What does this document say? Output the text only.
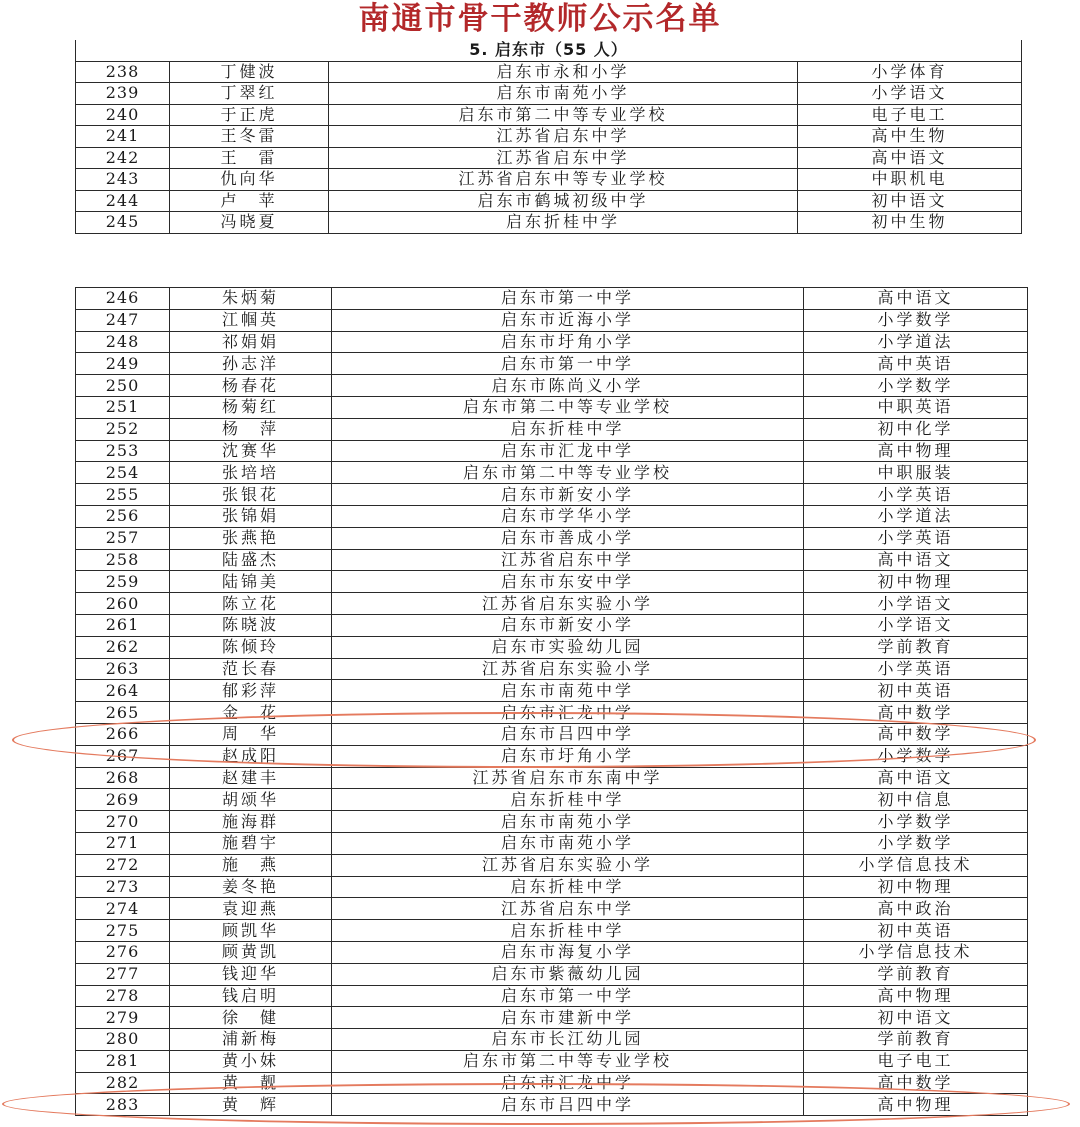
南通市骨干教师公示名单
5. 启东市（55 人）			
238	丁健波	启东市永和小学	小学体育
239	丁翠红	启东市南苑小学	小学语文
240	于正虎	启东市第二中等专业学校	电子电工
241	王冬雷	江苏省启东中学	高中生物
242	王　雷	江苏省启东中学	高中语文
243	仇向华	江苏省启东中等专业学校	中职机电
244	卢　苹	启东市鹤城初级中学	初中语文
245	冯晓夏	启东折桂中学	初中生物
246	朱炳菊	启东市第一中学	高中语文
247	江帼英	启东市近海小学	小学数学
248	祁娟娟	启东市圩角小学	小学道法
249	孙志洋	启东市第一中学	高中英语
250	杨春花	启东市陈尚义小学	小学数学
251	杨菊红	启东市第二中等专业学校	中职英语
252	杨　萍	启东折桂中学	初中化学
253	沈赛华	启东市汇龙中学	高中物理
254	张培培	启东市第二中等专业学校	中职服装
255	张银花	启东市新安小学	小学英语
256	张锦娟	启东市学华小学	小学道法
257	张燕艳	启东市善成小学	小学英语
258	陆盛杰	江苏省启东中学	高中语文
259	陆锦美	启东市东安中学	初中物理
260	陈立花	江苏省启东实验小学	小学语文
261	陈晓波	启东市新安小学	小学语文
262	陈倾玲	启东市实验幼儿园	学前教育
263	范长春	江苏省启东实验小学	小学英语
264	郁彩萍	启东市南苑中学	初中英语
265	金　花	启东市汇龙中学	高中数学
266	周　华	启东市吕四中学	高中数学
267	赵成阳	启东市圩角小学	小学数学
268	赵建丰	江苏省启东市东南中学	高中语文
269	胡颂华	启东折桂中学	初中信息
270	施海群	启东市南苑小学	小学数学
271	施碧宇	启东市南苑小学	小学数学
272	施　燕	江苏省启东实验小学	小学信息技术
273	姜冬艳	启东折桂中学	初中物理
274	袁迎燕	江苏省启东中学	高中政治
275	顾凯华	启东折桂中学	初中英语
276	顾黄凯	启东市海复小学	小学信息技术
277	钱迎华	启东市紫薇幼儿园	学前教育
278	钱启明	启东市第一中学	高中物理
279	徐　健	启东市建新中学	初中语文
280	浦新梅	启东市长江幼儿园	学前教育
281	黄小妹	启东市第二中等专业学校	电子电工
282	黄　靓	启东市汇龙中学	高中数学
283	黄　辉	启东市吕四中学	高中物理
